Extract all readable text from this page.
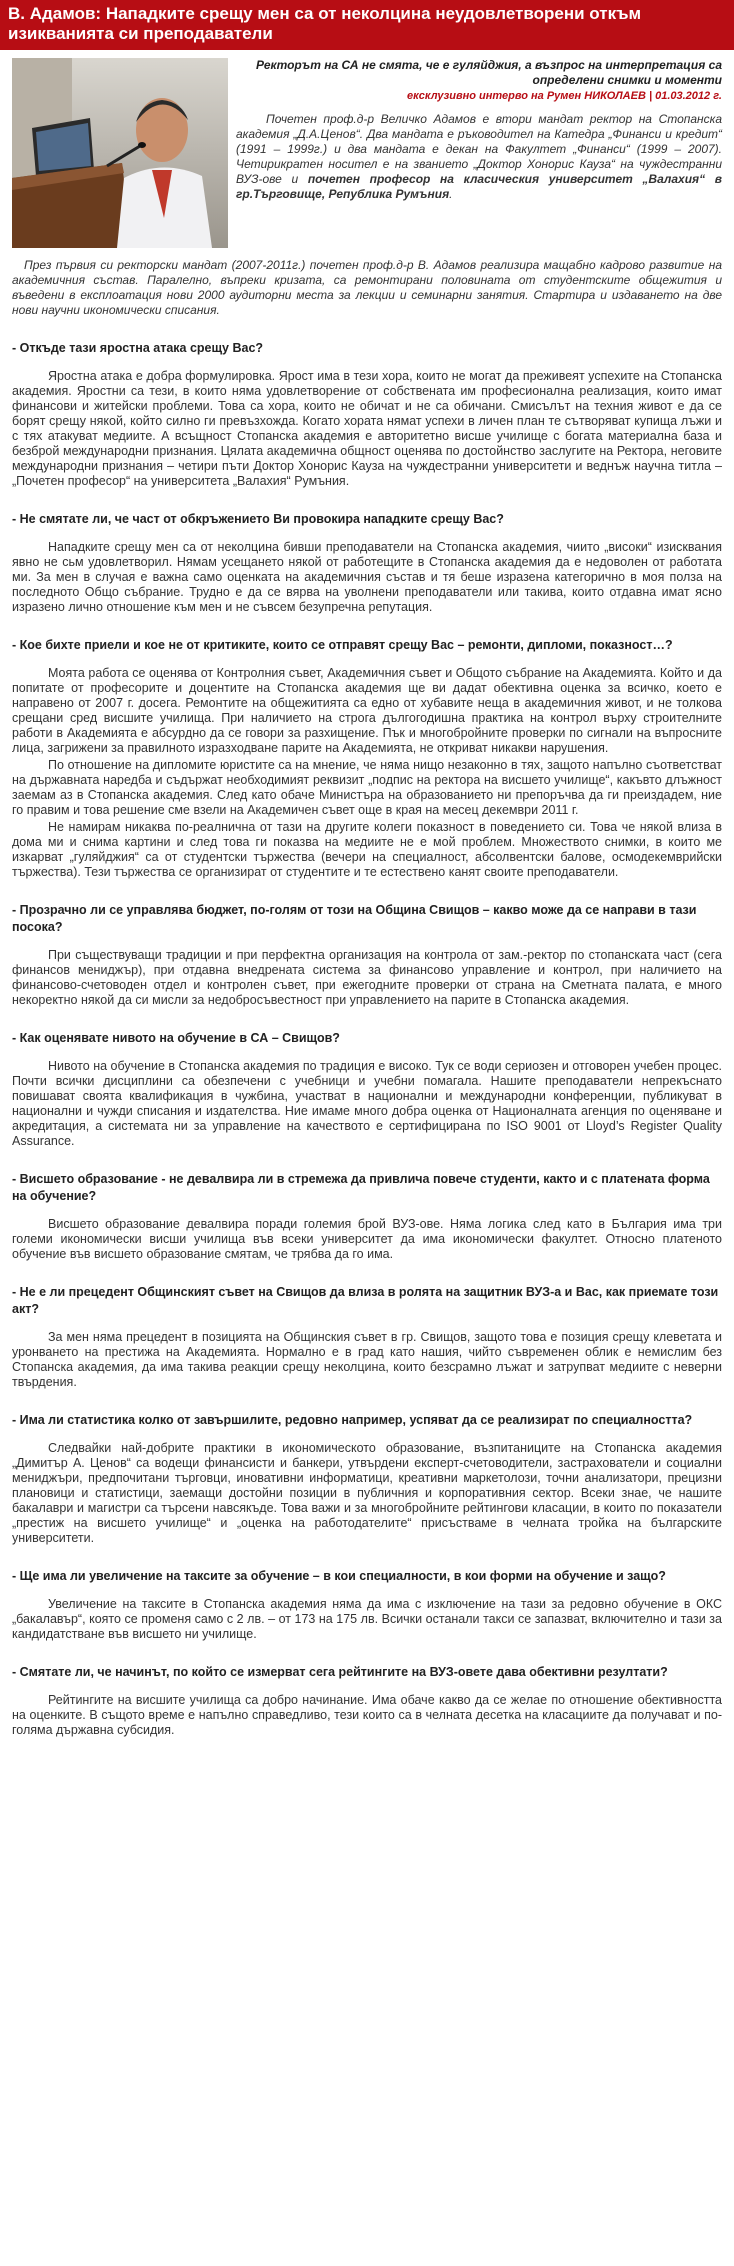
В. Адамов: Нападките срещу мен са от неколцина неудовлетворени откъм изикванията си преподаватели
Ректорът на СА не смята, че е гуляйджия, а възпрос на интерпретация са определени снимки и моменти
ексклузивно интерво на Румен НИКОЛАЕВ | 01.03.2012 г.
Почетен проф.д-р Величко Адамов е втори мандат ректор на Стопанска академия „Д.А.Ценов“. Два мандата е ръководител на Катедра „Финанси и кредит“ (1991 – 1999г.) и два мандата е декан на Факултет „Финанси“ (1999 – 2007). Четирикратен носител е на званието „Доктор Хонорис Кауза“ на чуждестранни ВУЗ-ове и почетен професор на класическия университет „Валахия“ в гр.Търговище, Република Румъния.
През първия си ректорски мандат (2007-2011г.) почетен проф.д-р В. Адамов реализира мащабно кадрово развитие на академичния състав. Паралелно, въпреки кризата, са ремонтирани половината от студентските общежития и въведени в експлоатация нови 2000 аудиторни места за лекции и семинарни занятия. Стартира и издаването на две нови научни икономически списания.
- Откъде тази яростна атака срещу Вас?

Яростна атака е добра формулировка. Ярост има в тези хора, които не могат да преживеят успехите на Стопанска академия. Яростни са тези, в които няма удовлетворение от собствената им професионална реализация, които имат финансови и житейски проблеми. Това са хора, които не обичат и не са обичани. Смисълът на техния живот е да се борят срещу някой, който силно ги превъзхожда. Когато хората нямат успехи в личен план те сътворяват купища лъжи и с тях атакуват медиите. А всъщност Стопанска академия е авторитетно висше училище с богата материална база и безброй международни признания. Цялата академична общност оценява по достойнство заслугите на Ректора, неговите международни признания – четири пъти Доктор Хонорис Кауза на чуждестранни университети и веднъж научна титла – „Почетен професор“ на университета „Валахия“ Румъния.

- Не смятате ли, че част от обкръжението Ви провокира нападките срещу Вас?

Нападките срещу мен са от неколцина бивши преподаватели на Стопанска академия, чиито „високи“ изисквания явно не сьм удовлетворил. Нямам усещането някой от работещите в Стопанска академия да е недоволен от работата ми. За мен в случая е важна само оценката на академичния състав и тя беше изразена категорично в моя полза на последното Общо събрание. Трудно е да се вярва на уволнени преподаватели или такива, които отдавна имат ясно изразено лично отношение към мен и не съвсем безупречна репутация.

- Кое бихте приели и кое не от критиките, които се отправят срещу Вас – ремонти, дипломи, показност…?

Моята работа се оценява от Контролния съвет, Академичния съвет и Общото събрание на Академията. Който и да попитате от професорите и доцентите на Стопанска академия ще ви дадат обективна оценка за всичко, което е направено от 2007 г. досега. Ремонтите на общежитията са едно от хубавите неща в академичния живот, и не толкова срещани сред висшите училища. При наличието на строга дългогодишна практика на контрол върху строителните работи в Академията е абсурдно да се говори за разхищение. Пък и многобройните проверки по сигнали на въпросните лица, загрижени за правилното изразходване парите на Академията, не откриват никакви нарушения.

По отношение на дипломите юристите са на мнение, че няма нищо незаконно в тях, защото напълно съответстват на държавната наредба и съдържат необходимият реквизит „подпис на ректора на висшето училище“, какъвто длъжност заемам аз в Стопанска академия. След като обаче Министъра на образованието ни препоръчва да ги преиздадем, ние го правим и това решение сме взели на Академичен съвет още в края на месец декември 2011 г.

Не намирам никаква по-реалнична от тази на другите колеги показност в поведението си. Това че някой влиза в дома ми и снима картини и след това ги показва на медиите не е мой проблем. Множеството снимки, в които ме изкарват „гуляйджия“ са от студентски тържества (вечери на специалност, абсолвентски балове, осмодекемврийски тържества). Тези тържества се организират от студентите и те естествено канят своите преподаватели.

- Прозрачно ли се управлява бюджет, по-голям от този на Община Свищов – какво може да се направи в тази посока?

При съществуващи традиции и при перфектна организация на контрола от зам.-ректор по стопанската част (сега финансов мениджър), при отдавна внедрената система за финансово управление и контрол, при наличието на финансово-счетоводен отдел и контролен съвет, при ежегодните проверки от страна на Сметната палата, е много некоректно някой да си мисли за недобросъвестност при управлението на парите в Стопанска академия.

- Как оценявате нивото на обучение в СА – Свищов?

Нивото на обучение в Стопанска академия по традиция е високо. Тук се води сериозен и отговорен учебен процес. Почти всички дисциплини са обезпечени с учебници и учебни помагала. Нашите преподаватели непрекъснато повишават своята квалификация в чужбина, участват в национални и международни конференции, публикуват в национални и чужди списания и издателства. Ние имаме много добра оценка от Националната агенция по оценяване и акредитация, а системата ни за управление на качеството е сертифицирана по ISO 9001 от Lloyd’s Register Quality Assurance.

- Висшето образование - не девалвира ли в стремежа да привлича повече студенти, както и с платената форма на обучение?

Висшето образование девалвира поради големия брой ВУЗ-ове. Няма логика след като в България има три големи икономически висши училища във всеки университет да има икономически факултет. Относно платеното обучение във висшето образование смятам, че трябва да го има.

- Не е ли прецедент Общинският съвет на Свищов да влиза в ролята на защитник ВУЗ-а и Вас, как приемате този акт?

За мен няма прецедент в позицията на Общинския съвет в гр. Свищов, защото това е позиция срещу клеветата и уронването на престижа на Академията. Нормално е в град като нашия, чийто съвременен облик е немислим без Стопанска академия, да има такива реакции срещу неколцина, които безсрамно лъжат и затрупват медиите с неверни твърдения.

- Има ли статистика колко от завършилите, редовно например, успяват да се реализират по специалността?

Следвайки най-добрите практики в икономическото образование, възпитаниците на Стопанска академия „Димитър А. Ценов“ са водещи финансисти и банкери, утвърдени експерт-счетоводители, застрахователи и социални мениджъри, предпочитани търговци, иновативни информатици, креативни маркетолози, точни анализатори, прецизни плановици и статистици, заемащи достойни позиции в публичния и корпоративния сектор. Всеки знае, че нашите бакалаври и магистри са търсени навсякъде. Това важи и за многобройните рейтингови класации, в които по показатели „престиж на висшето училище“ и „оценка на работодателите“ присъстваме в челната тройка на българските университети.

- Ще има ли увеличение на таксите за обучение – в кои специалности, в кои форми на обучение и защо?

Увеличение на таксите в Стопанска академия няма да има с изключение на тази за редовно обучение в ОКС „бакалавър“, която се променя само с 2 лв. – от 173 на 175 лв. Всички останали такси се запазват, включително и тази за кандидатстване във висшето ни училище.

- Смятате ли, че начинът, по който се измерват сега рейтингите на ВУЗ-овете дава обективни резултати?

Рейтингите на висшите училища са добро начинание. Има обаче какво да се желае по отношение обективността на оценките. В същото време е напълно справедливо, тези които са в челната десетка на класациите да получават и по-голяма държавна субсидия.
